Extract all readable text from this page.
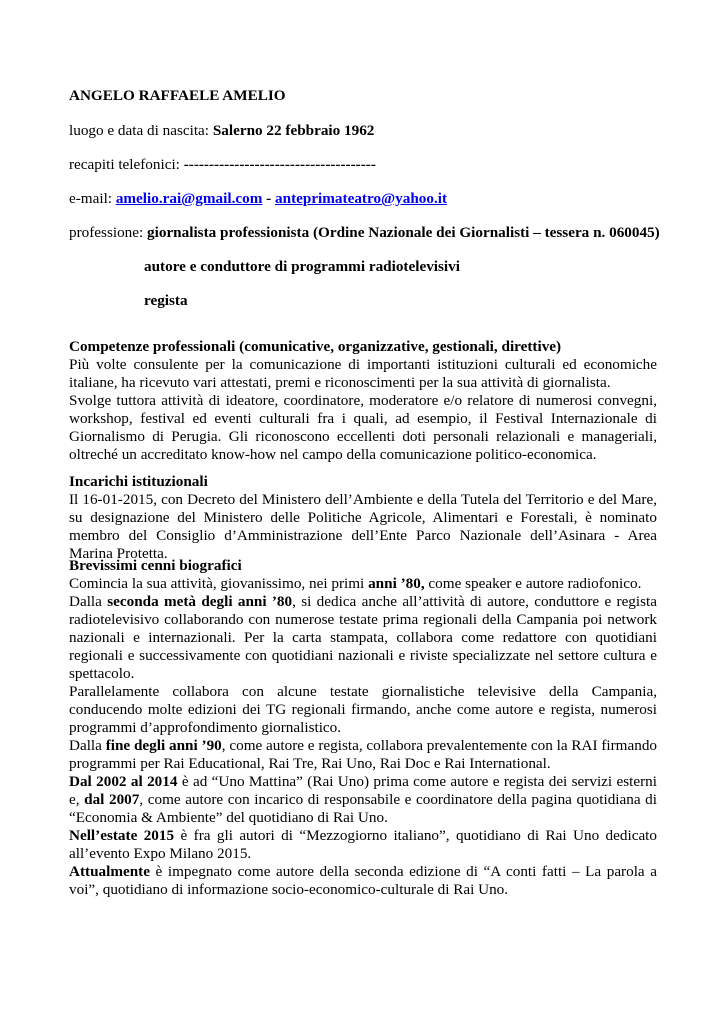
ANGELO RAFFAELE AMELIO
luogo e data di nascita: Salerno 22 febbraio 1962
recapiti telefonici: --------------------------------------
e-mail: amelio.rai@gmail.com - anteprimateatro@yahoo.it
professione: giornalista professionista (Ordine Nazionale dei Giornalisti – tessera n. 060045)
autore e conduttore di programmi radiotelevisivi
regista

Competenze professionali (comunicative, organizzative, gestionali, direttive)

Più volte consulente per la comunicazione di importanti istituzioni culturali ed economiche italiane, ha ricevuto vari attestati, premi e riconoscimenti per la sua attività di giornalista.

Svolge tuttora attività di ideatore, coordinatore, moderatore e/o relatore di numerosi convegni, workshop, festival ed eventi culturali fra i quali, ad esempio, il Festival Internazionale di Giornalismo di Perugia. Gli riconoscono eccellenti doti personali relazionali e manageriali, oltreché un accreditato know-how nel campo della comunicazione politico-economica.

Incarichi istituzionali

Il 16-01-2015, con Decreto del Ministero dell’Ambiente e della Tutela del Territorio e del Mare, su designazione del Ministero delle Politiche Agricole, Alimentari e Forestali, è nominato membro del Consiglio d’Amministrazione dell’Ente Parco Nazionale dell’Asinara - Area Marina Protetta.

Brevissimi cenni biografici

Comincia la sua attività, giovanissimo, nei primi anni ’80, come speaker e autore radiofonico.

Dalla seconda metà degli anni ’80, si dedica anche all’attività di autore, conduttore e regista radiotelevisivo collaborando con numerose testate prima regionali della Campania poi network nazionali e internazionali. Per la carta stampata, collabora come redattore con quotidiani regionali e successivamente con quotidiani nazionali e riviste specializzate nel settore cultura e spettacolo.

Parallelamente collabora con alcune testate giornalistiche televisive della Campania, conducendo molte edizioni dei TG regionali firmando, anche come autore e regista, numerosi programmi d’approfondimento giornalistico.

Dalla fine degli anni ’90, come autore e regista, collabora prevalentemente con la RAI firmando programmi per Rai Educational, Rai Tre, Rai Uno, Rai Doc e Rai International.

Dal 2002 al 2014 è ad “Uno Mattina” (Rai Uno) prima come autore e regista dei servizi esterni e, dal 2007, come autore con incarico di responsabile e coordinatore della pagina quotidiana di “Economia & Ambiente” del quotidiano di Rai Uno.

Nell’estate 2015 è fra gli autori di “Mezzogiorno italiano”, quotidiano di Rai Uno dedicato all’evento Expo Milano 2015.

Attualmente è impegnato come autore della seconda edizione di “A conti fatti – La parola a voi”, quotidiano di informazione socio-economico-culturale di Rai Uno.
